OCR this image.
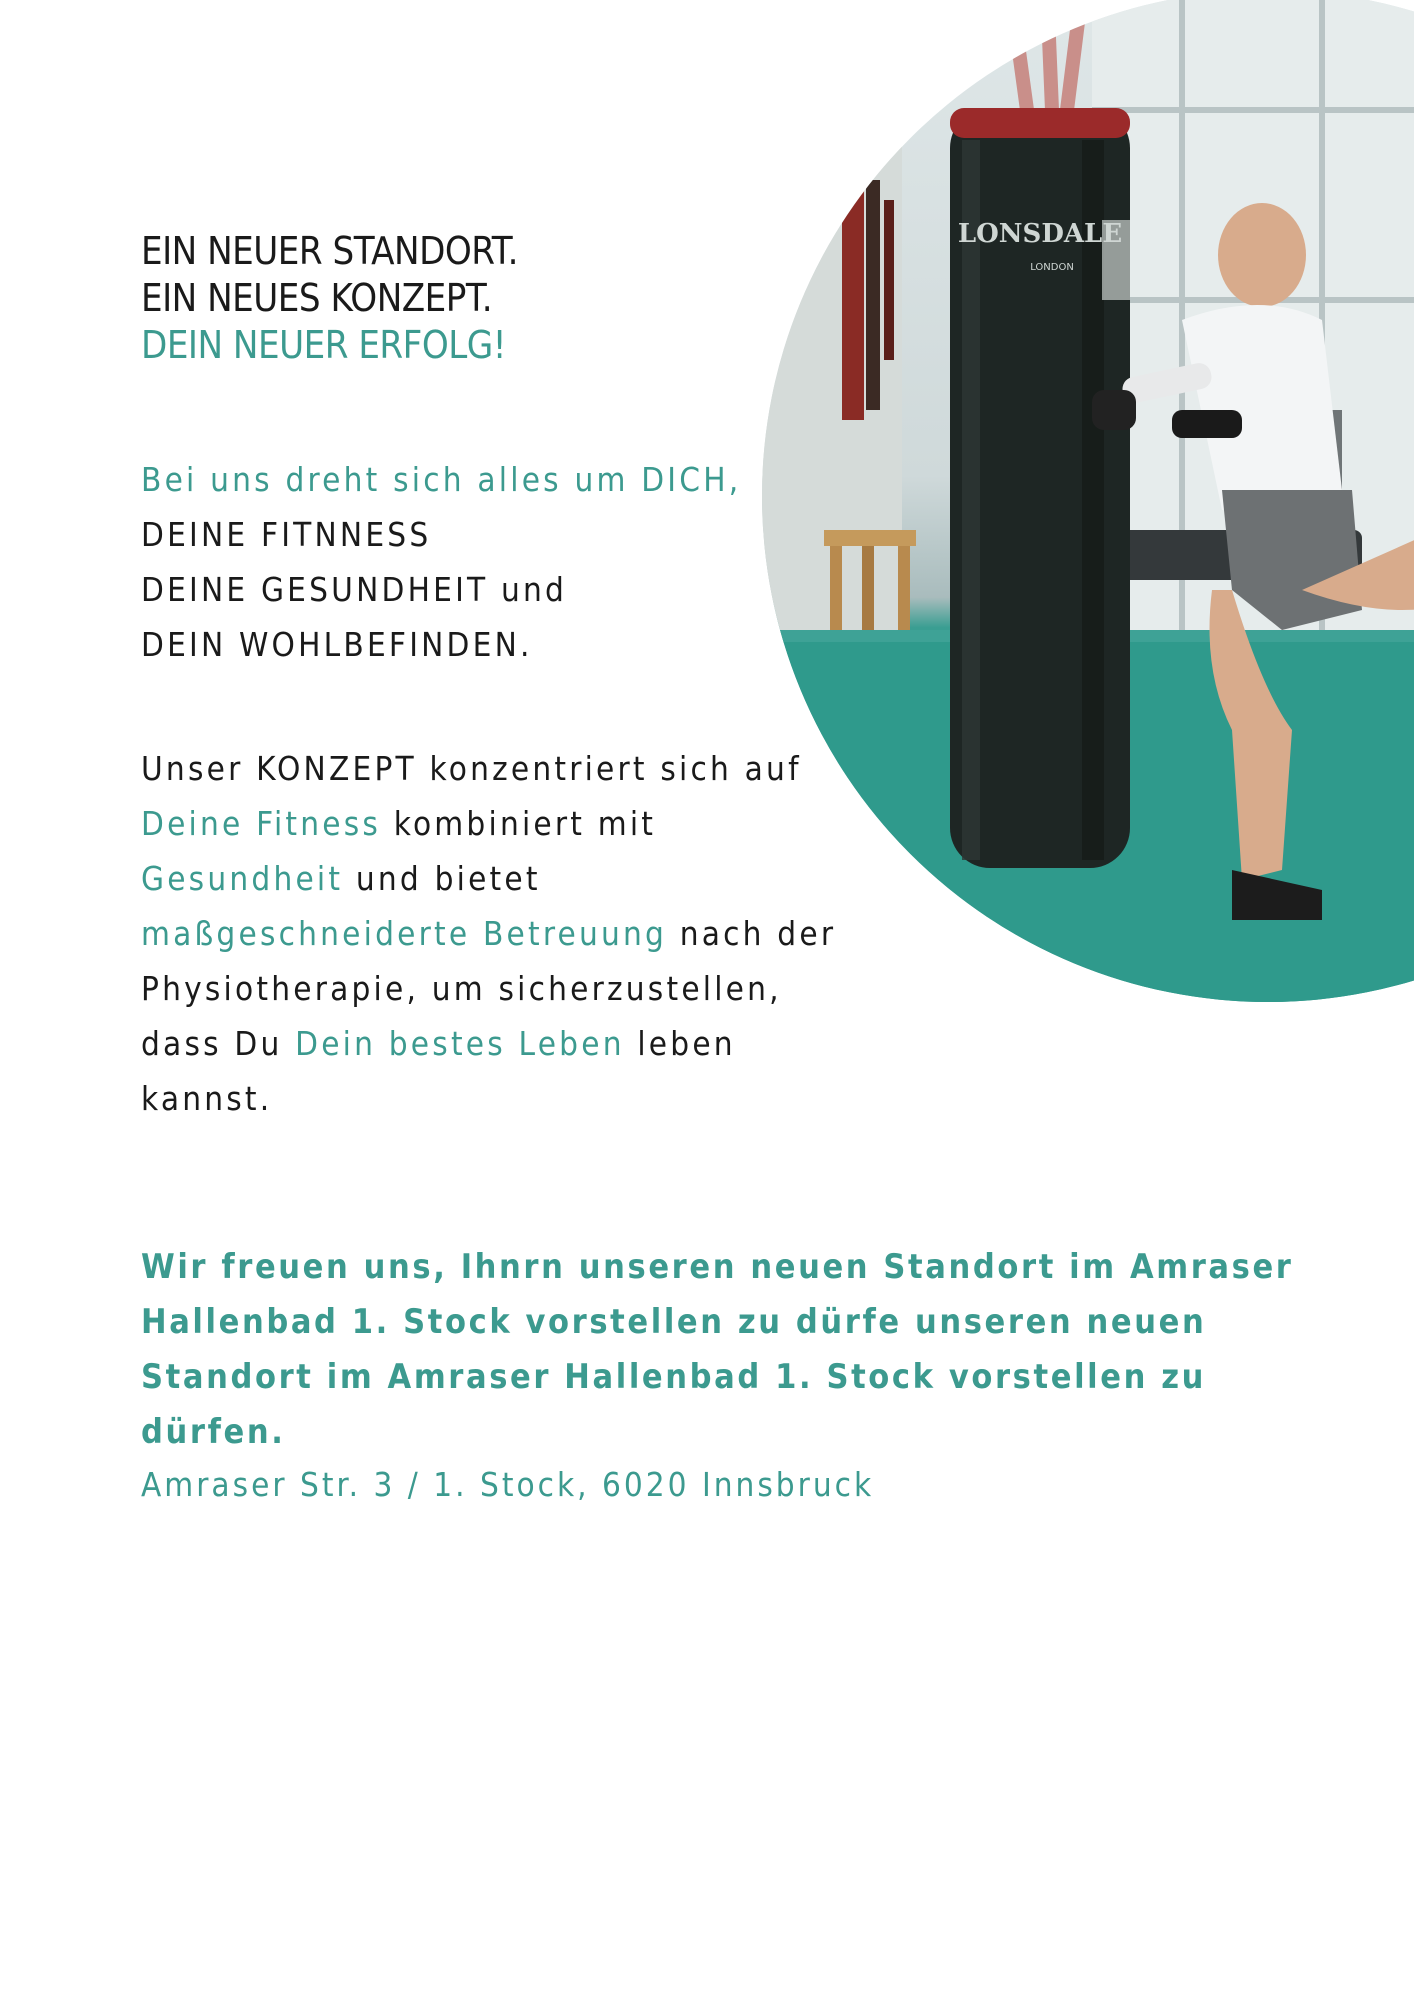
LONSDALE
LONDON
EIN NEUER STANDORT.
EIN NEUES KONZEPT.
DEIN NEUER ERFOLG!

Bei uns dreht sich alles um DICH,
DEINE FITNNESS
DEINE GESUNDHEIT und
DEIN WOHLBEFINDEN.

Unser KONZEPT konzentriert sich auf
Deine Fitness kombiniert mit
Gesundheit und bietet
maßgeschneiderte Betreuung nach der
Physiotherapie, um sicherzustellen,
dass Du Dein bestes Leben leben
kannst.

Wir freuen uns, Ihnrn unseren neuen Standort im Amraser
Hallenbad 1. Stock vorstellen zu dürfe unseren neuen
Standort im Amraser Hallenbad 1. Stock vorstellen zu
dürfen.

Amraser Str. 3 / 1. Stock, 6020 Innsbruck
